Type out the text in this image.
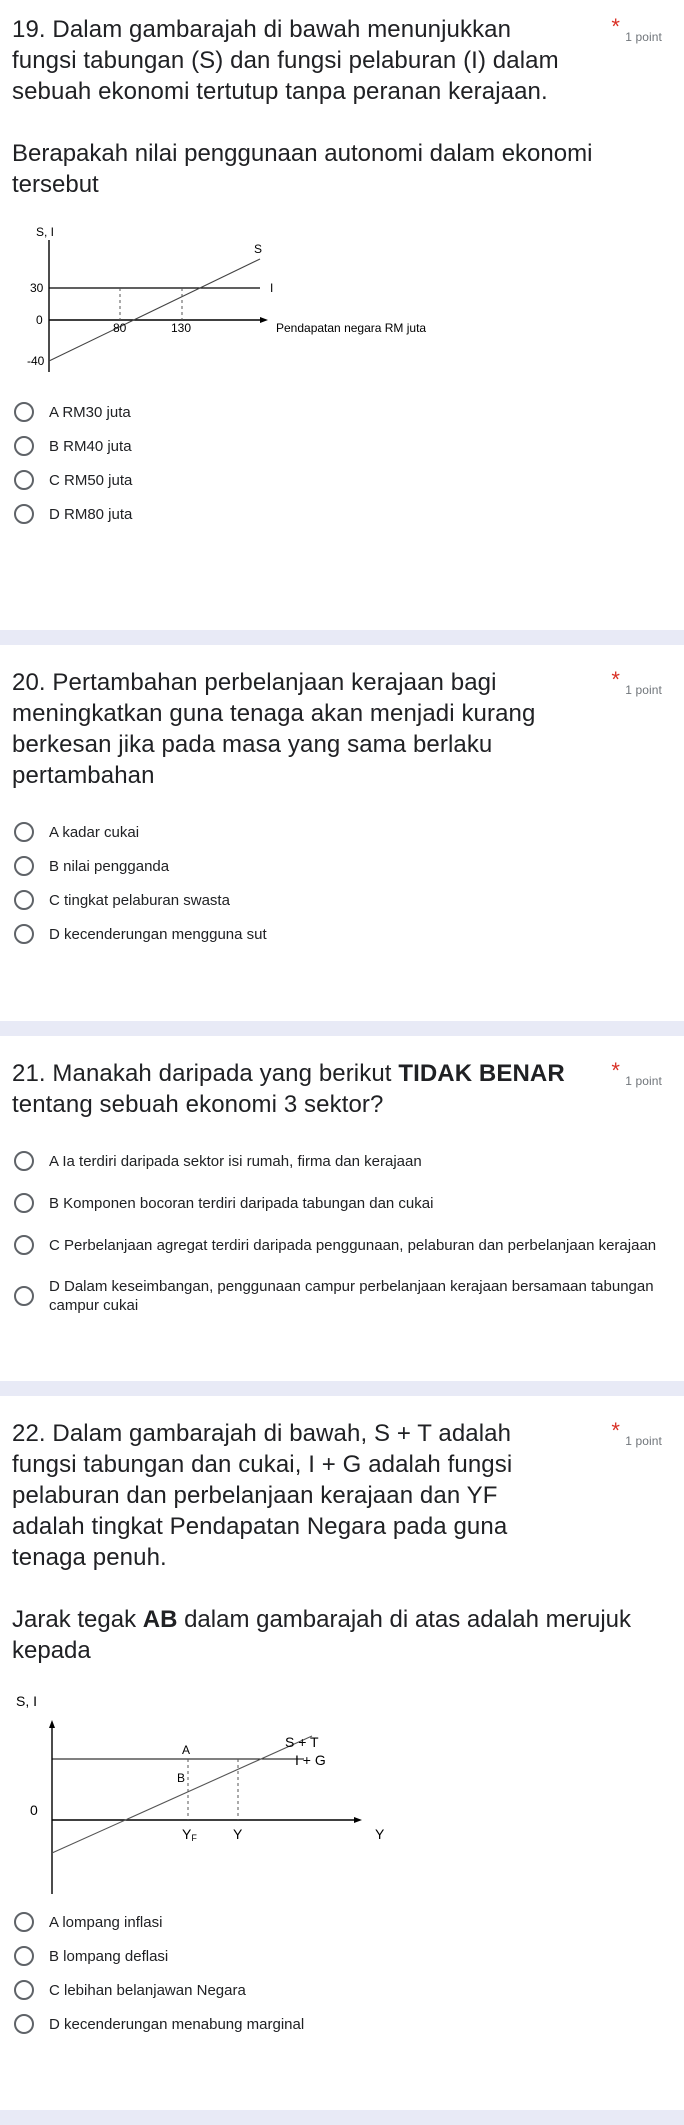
19. Dalam gambarajah di bawah menunjukkan fungsi tabungan (S) dan fungsi pelaburan (I) dalam sebuah ekonomi tertutup tanpa peranan kerajaan.
* 1 point
Berapakah nilai penggunaan autonomi dalam ekonomi tersebut
S, I
S
I
30
0
-40
80	130	Pendapatan negara RM juta
A RM30 juta
B RM40 juta
C RM50 juta
D RM80 juta
20. Pertambahan perbelanjaan kerajaan bagi meningkatkan guna tenaga akan menjadi kurang berkesan jika pada masa yang sama berlaku pertambahan
* 1 point
A kadar cukai
B nilai pengganda
C tingkat pelaburan swasta
D kecenderungan mengguna sut
21. Manakah daripada yang berikut TIDAK BENAR tentang sebuah ekonomi 3 sektor?
* 1 point
A Ia terdiri daripada sektor isi rumah, firma dan kerajaan
B Komponen bocoran terdiri daripada tabungan dan cukai
C Perbelanjaan agregat terdiri daripada penggunaan, pelaburan dan perbelanjaan kerajaan
D Dalam keseimbangan, penggunaan campur perbelanjaan kerajaan bersamaan tabungan campur cukai
22. Dalam gambarajah di bawah, S + T adalah fungsi tabungan dan cukai, I + G adalah fungsi pelaburan dan perbelanjaan kerajaan dan YF adalah tingkat Pendapatan Negara pada guna tenaga penuh.
* 1 point
Jarak tegak AB dalam gambarajah di atas adalah merujuk kepada
S, I
S + T
I + G
A
B
0
YF	Y	Y
A lompang inflasi
B lompang deflasi
C lebihan belanjawan Negara
D kecenderungan menabung marginal
